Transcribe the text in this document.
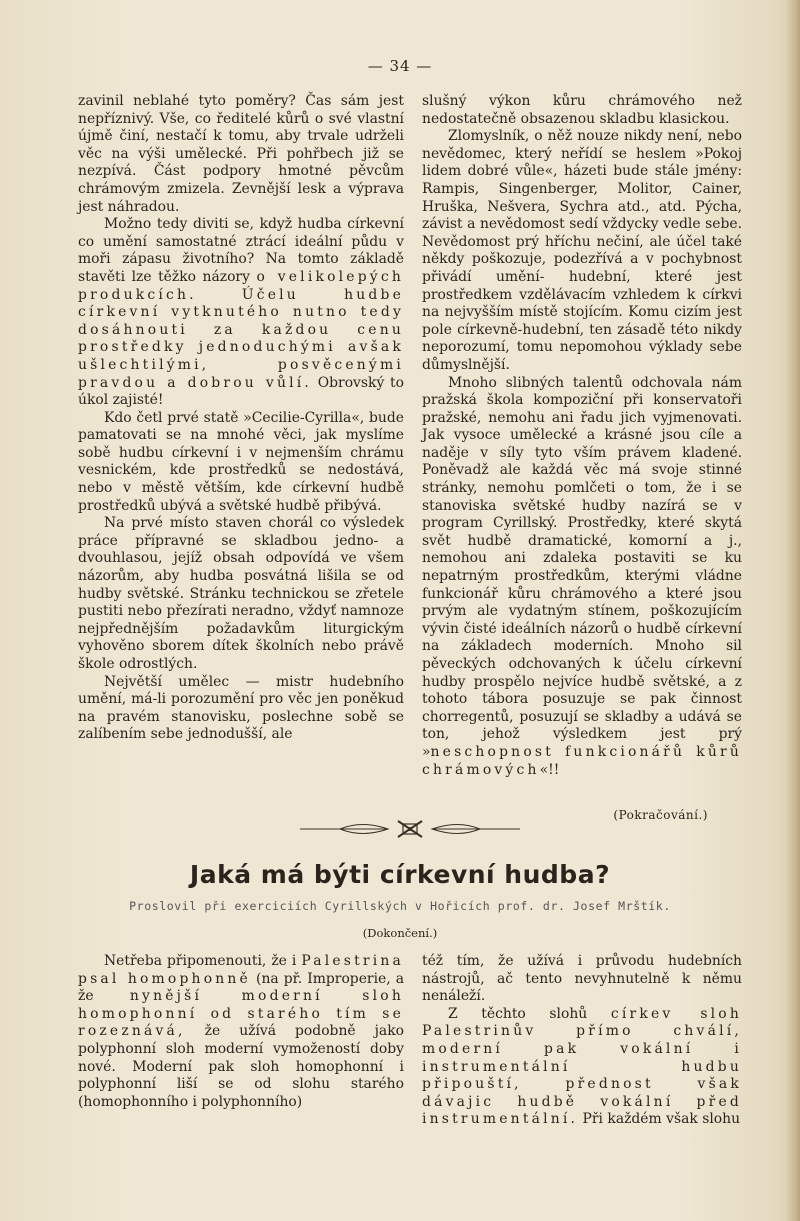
— 34 —

zavinil neblahé tyto poměry? Čas sám jest nepříznivý. Vše, co ředitelé kůrů o své vlastní újmě činí, nestačí k tomu, aby trvale udrželi věc na výši umělecké. Při pohřbech již se nezpívá. Část podpory hmotné pěvcům chrámovým zmizela. Zevnější lesk a výprava jest náhradou.

Možno tedy diviti se, když hudba církevní co umění samostatné ztrácí ideální půdu v moři zápasu životního? Na tomto základě stavěti lze těžko názory o velikolepých produkcích. Účelu hudbe církevní vytknutého nutno tedy dosáhnouti za každou cenu prostředky jednoduchými avšak ušlechtilými, posvěcenými pravdou a dobrou vůlí. Obrovský to úkol zajisté!

Kdo četl prvé statě »Cecilie-Cyrilla«, bude pamatovati se na mnohé věci, jak myslíme sobě hudbu církevní i v nejmenším chrámu vesnickém, kde prostředků se nedostává, nebo v městě větším, kde církevní hudbě prostředků ubývá a světské hudbě přibývá.

Na prvé místo staven chorál co výsledek práce přípravné se skladbou jedno- a dvouhlasou, jejíž obsah odpovídá ve všem názorům, aby hudba posvátná lišila se od hudby světské. Stránku technickou se zřetele pustiti nebo přezírati neradno, vždyť namnoze nejpřednějším požadavkům liturgickým vyhověno sborem dítek školních nebo právě škole odrostlých.

Největší umělec — mistr hudebního umění, má-li porozumění pro věc jen poněkud na pravém stanovisku, poslechne sobě se zalíbením sebe jednodušší, ale

slušný výkon kůru chrámového než nedostatečně obsazenou skladbu klasickou.

Zlomyslník, o něž nouze nikdy není, nebo nevědomec, který neřídí se heslem »Pokoj lidem dobré vůle«, házeti bude stále jmény: Rampis, Singenberger, Molitor, Cainer, Hruška, Nešvera, Sychra atd., atd. Pýcha, závist a nevědomost sedí vždycky vedle sebe. Nevědomost prý hříchu nečiní, ale účel také někdy poškozuje, podezřívá a v pochybnost přivádí umění- hudební, které jest prostředkem vzdělávacím vzhledem k církvi na nejvyšším místě stojícím. Komu cizím jest pole církevně-hudební, ten zásadě této nikdy neporozumí, tomu nepomohou výklady sebe důmyslnější.

Mnoho slibných talentů odchovala nám pražská škola kompoziční při konservatoři pražské, nemohu ani řadu jich vyjmenovati. Jak vysoce umělecké a krásné jsou cíle a naděje v síly tyto vším právem kladené. Poněvadž ale každá věc má svoje stinné stránky, nemohu pomlčeti o tom, že i se stanoviska světské hudby nazírá se v program Cyrillský. Prostředky, které skytá svět hudbě dramatické, komorní a j., nemohou ani zdaleka postaviti se ku nepatrným prostředkům, kterými vládne funkcionář kůru chrámového a které jsou prvým ale vydatným stínem, poškozujícím vývin čisté ideálních názorů o hudbě církevní na základech moderních. Mnoho sil pěveckých odchovaných k účelu církevní hudby prospělo nejvíce hudbě světské, a z tohoto tábora posuzuje se pak činnost chorregentů, posuzují se skladby a udává se ton, jehož výsledkem jest prý »neschopnost funkcionářů kůrů chrámových«!!

(Pokračování.)
Jaká má býti církevní hudba?
Proslovil při exerciciích Cyrillských v Hořicích prof. dr. Josef Mrštík.
(Dokončení.)

Netřeba připomenouti, že i Palestrina psal homophonně (na př. Improperie, a že nynější moderní sloh homophonní od starého tím se rozeznává, že užívá podobně jako polyphonní sloh moderní vymožeností doby nové. Moderní pak sloh homophonní i polyphonní liší se od slohu starého (homophonního i polyphonního)

též tím, že užívá i průvodu hudebních nástrojů, ač tento nevyhnutelně k němu nenáleží.

Z těchto slohů církev sloh Palestrinův přímo chválí, moderní pak vokální i instrumentální hudbu připouští, přednost však dávajic hudbě vokální před instrumentální. Při každém však slohu
